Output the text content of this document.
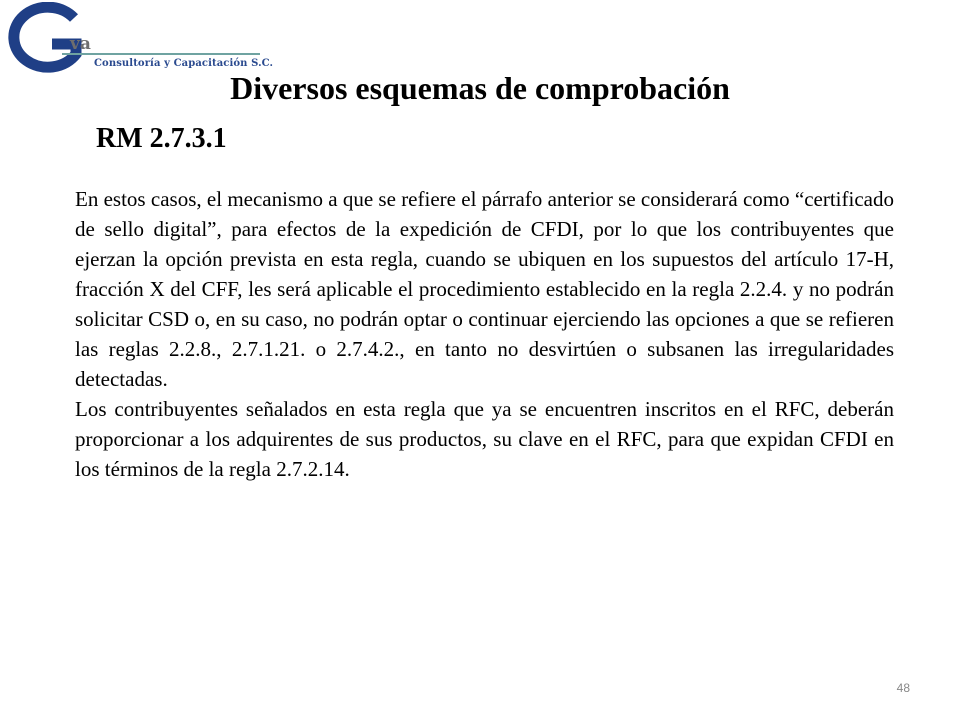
va
Consultoría y Capacitación S.C.
Diversos esquemas de comprobación
RM 2.7.3.1

En estos casos, el mecanismo a que se refiere el párrafo anterior se considerará como “certificado de sello digital”, para efectos de la expedición de CFDI, por lo que los contribuyentes que ejerzan la opción prevista en esta regla, cuando se ubiquen en los supuestos del artículo 17-H, fracción X del CFF, les será aplicable el procedimiento establecido en la regla 2.2.4. y no podrán solicitar CSD o, en su caso, no podrán optar o continuar ejerciendo las opciones a que se refieren las reglas 2.2.8., 2.7.1.21. o 2.7.4.2., en tanto no desvirtúen o subsanen las irregularidades detectadas.

Los contribuyentes señalados en esta regla que ya se encuentren inscritos en el RFC, deberán proporcionar a los adquirentes de sus productos, su clave en el RFC, para que expidan CFDI en los términos de la regla 2.7.2.14.

48
